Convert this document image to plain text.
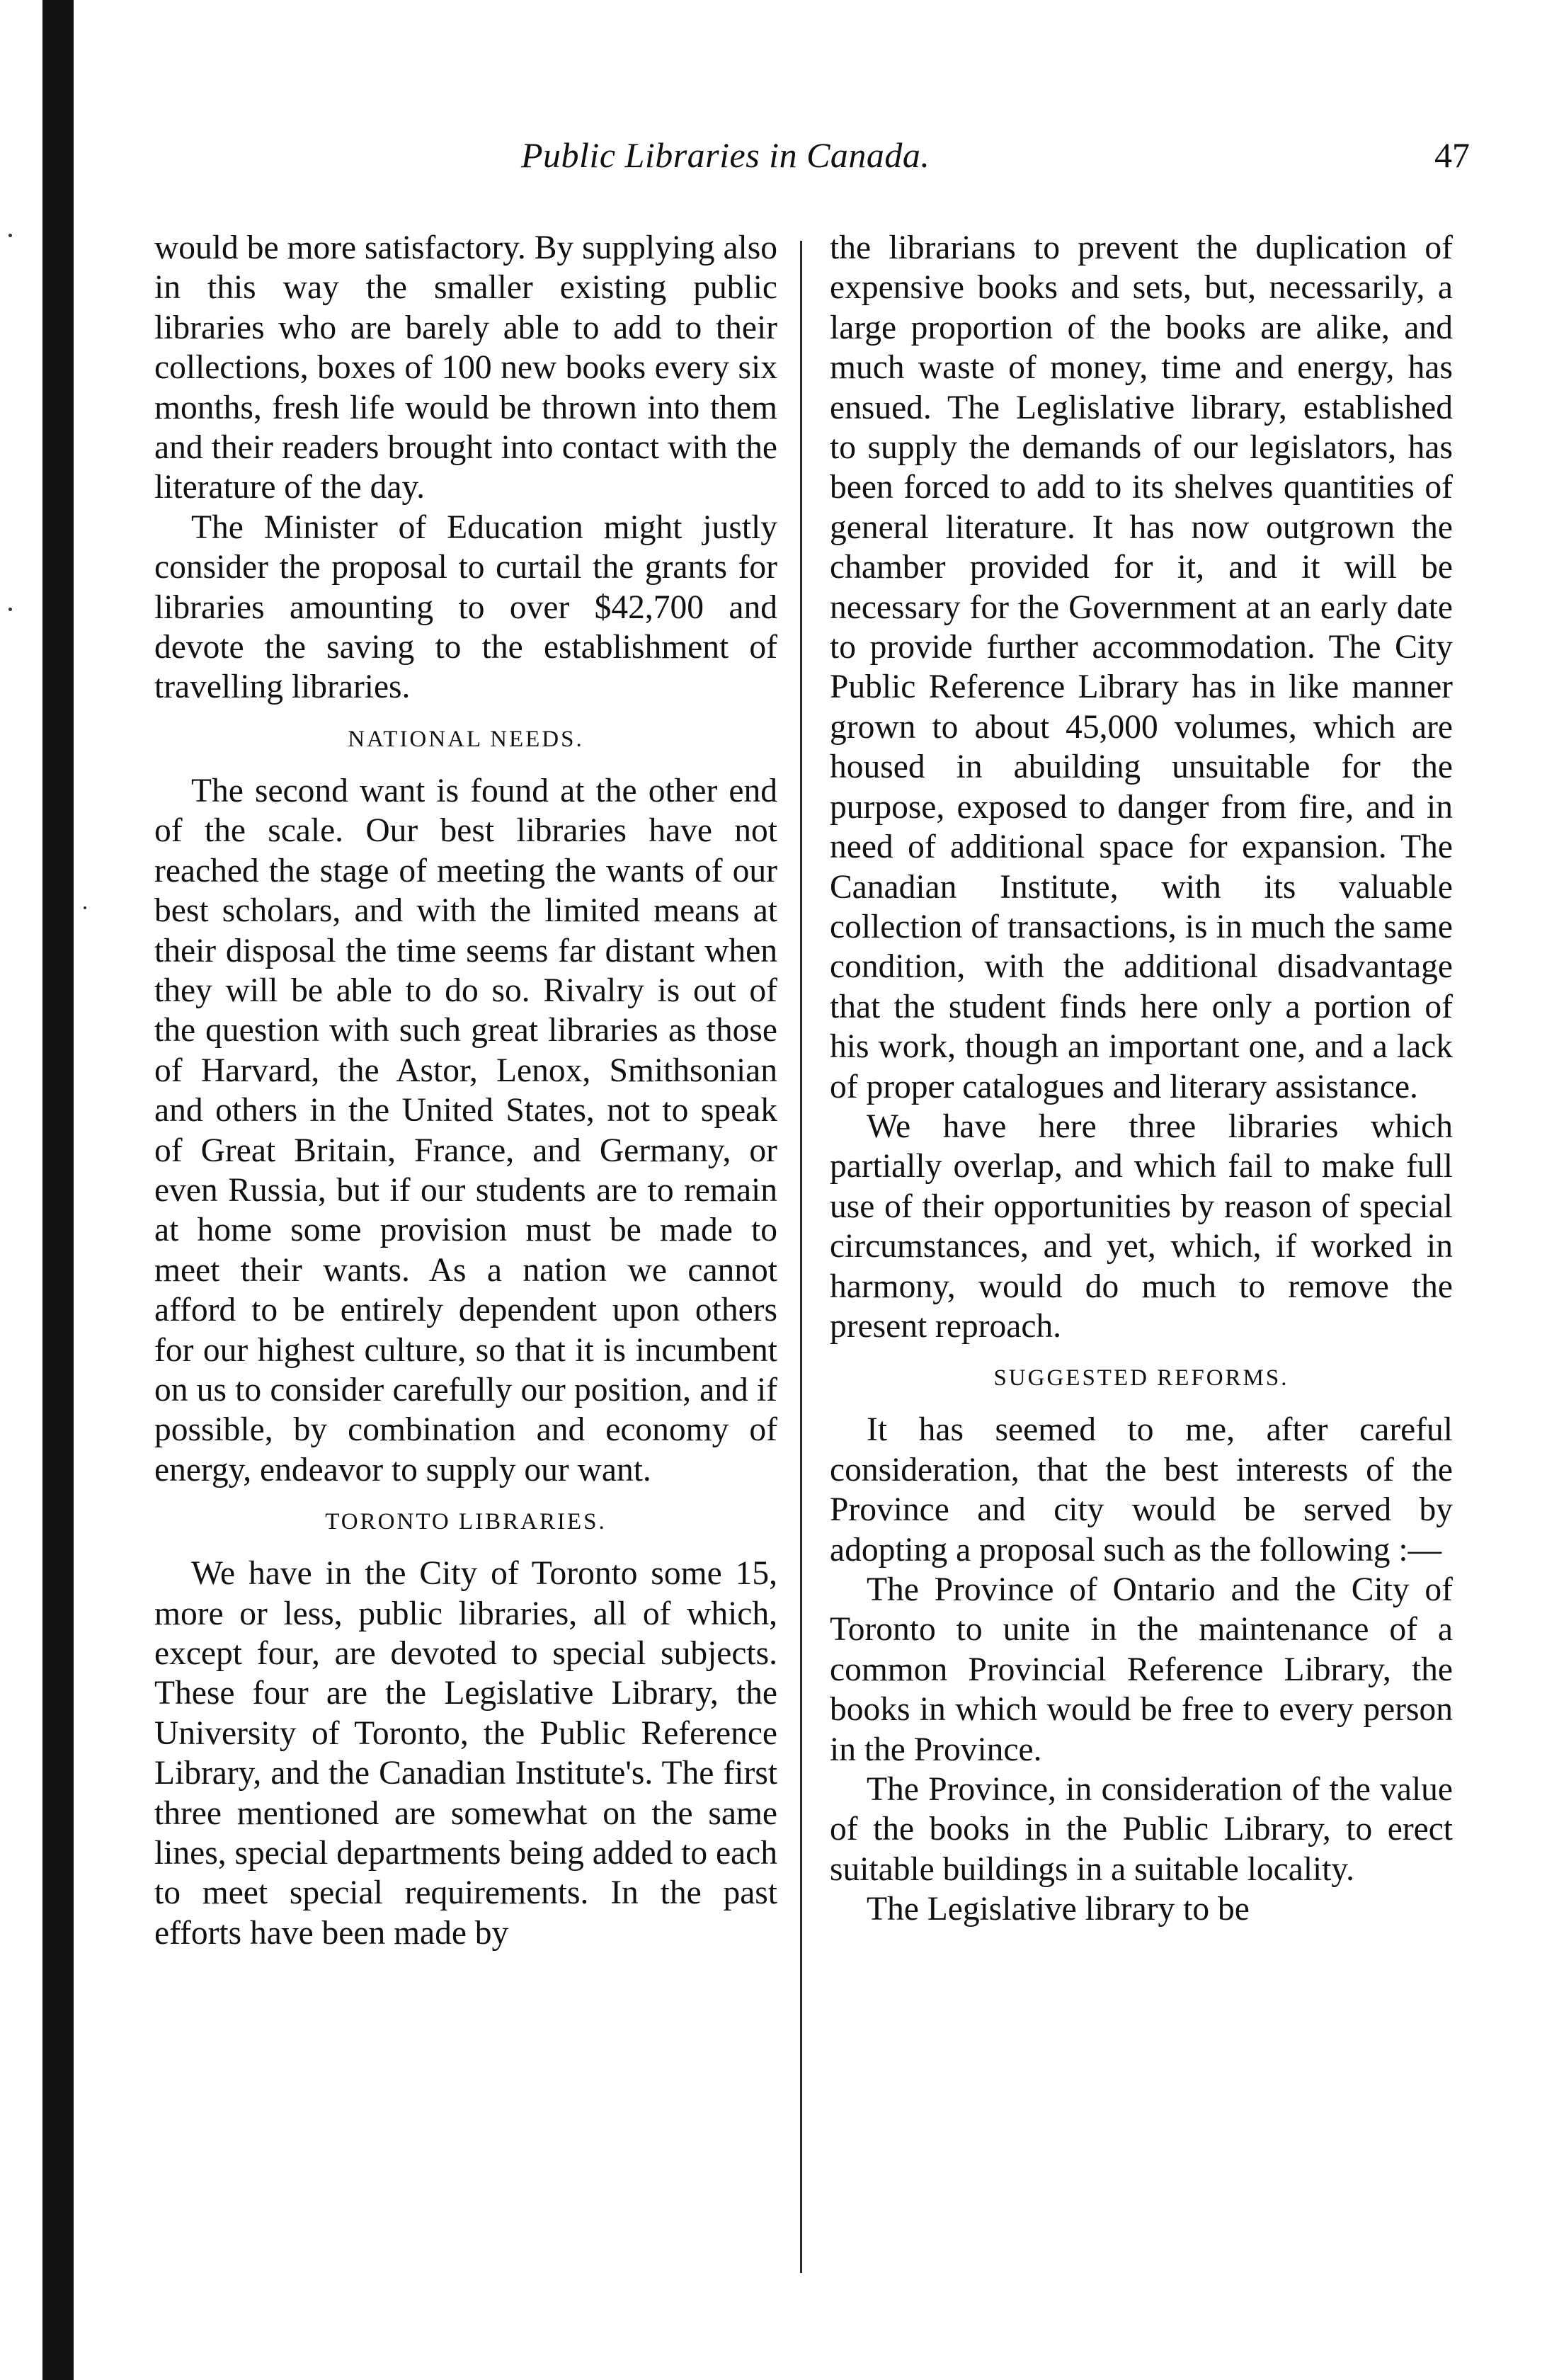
Public Libraries in Canada.	47

would be more satisfactory. By supplying also in this way the smaller existing public libraries who are barely able to add to their collections, boxes of 100 new books every six months, fresh life would be thrown into them and their readers brought into contact with the literature of the day.

The Minister of Education might justly consider the proposal to curtail the grants for libraries amounting to over $42,700 and devote the saving to the establishment of travelling libraries.

NATIONAL NEEDS.

The second want is found at the other end of the scale. Our best libraries have not reached the stage of meeting the wants of our best scholars, and with the limited means at their disposal the time seems far distant when they will be able to do so. Rivalry is out of the question with such great libraries as those of Harvard, the Astor, Lenox, Smithsonian and others in the United States, not to speak of Great Britain, France, and Germany, or even Russia, but if our students are to remain at home some provision must be made to meet their wants. As a nation we cannot afford to be entirely dependent upon others for our highest culture, so that it is incumbent on us to consider carefully our position, and if possible, by combination and economy of energy, endeavor to supply our want.

TORONTO LIBRARIES.

We have in the City of Toronto some 15, more or less, public libraries, all of which, except four, are devoted to special subjects. These four are the Legislative Library, the University of Toronto, the Public Reference Library, and the Canadian Institute's. The first three mentioned are somewhat on the same lines, special departments being added to each to meet special requirements. In the past efforts have been made by

the librarians to prevent the duplication of expensive books and sets, but, necessarily, a large proportion of the books are alike, and much waste of money, time and energy, has ensued. The Leglislative library, established to supply the demands of our legislators, has been forced to add to its shelves quantities of general literature. It has now outgrown the chamber provided for it, and it will be necessary for the Government at an early date to provide further accommodation. The City Public Reference Library has in like manner grown to about 45,000 volumes, which are housed in abuilding unsuitable for the purpose, exposed to danger from fire, and in need of additional space for expansion. The Canadian Institute, with its valuable collection of transactions, is in much the same condition, with the additional disadvantage that the student finds here only a portion of his work, though an important one, and a lack of proper catalogues and literary assistance.

We have here three libraries which partially overlap, and which fail to make full use of their opportunities by reason of special circumstances, and yet, which, if worked in harmony, would do much to remove the present reproach.

SUGGESTED REFORMS.

It has seemed to me, after careful consideration, that the best interests of the Province and city would be served by adopting a proposal such as the following :—

The Province of Ontario and the City of Toronto to unite in the maintenance of a common Provincial Reference Library, the books in which would be free to every person in the Province.

The Province, in consideration of the value of the books in the Public Library, to erect suitable buildings in a suitable locality.

The Legislative library to be
